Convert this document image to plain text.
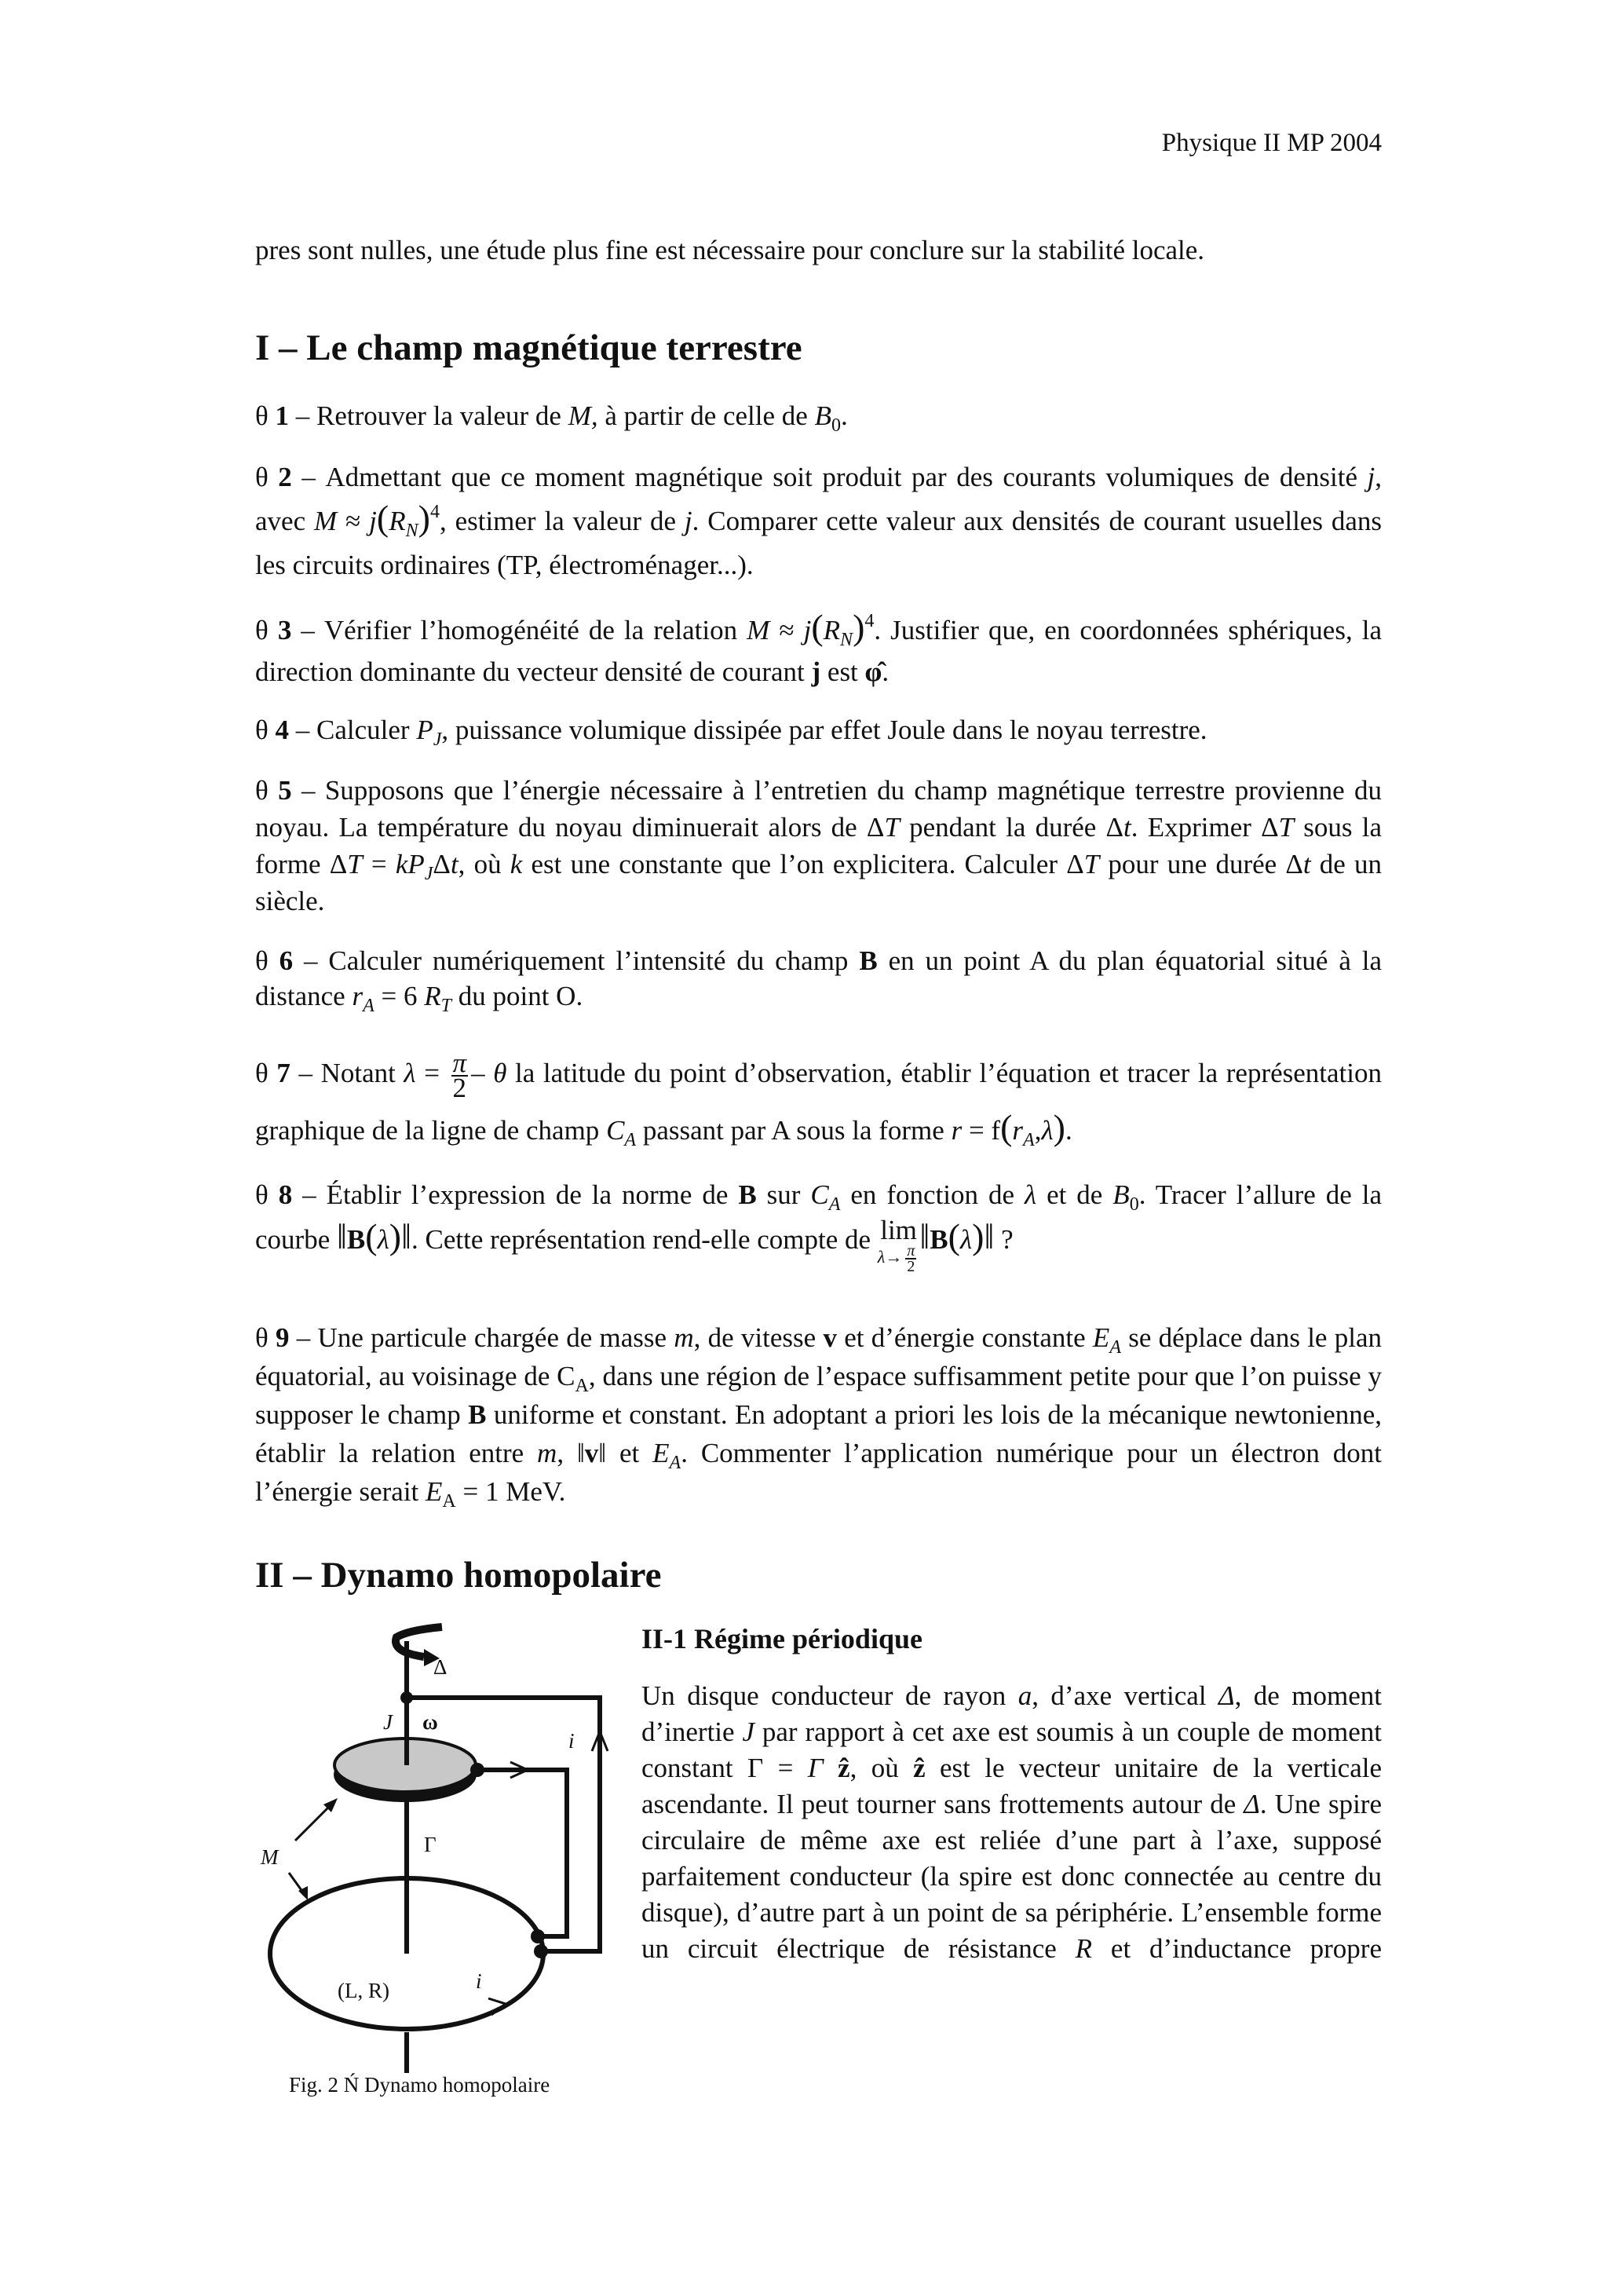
Physique II MP 2004
pres sont nulles, une étude plus fine est nécessaire pour conclure sur la stabilité locale.
I – Le champ magnétique terrestre
θ 1 – Retrouver la valeur de M, à partir de celle de $B_0$.
θ 2 – Admettant que ce moment magnétique soit produit par des courants volumiques de densité j, avec $M \approx j(R_N)^4$, estimer la valeur de j. Comparer cette valeur aux densités de courant usuelles dans les circuits ordinaires (TP, électroménager...).
θ 3 – Vérifier l’homogénéité de la relation $M \approx j(R_N)^4$. Justifier que, en coordonnées sphériques, la direction dominante du vecteur densité de courant j est φ̂.
θ 4 – Calculer $P_J$, puissance volumique dissipée par effet Joule dans le noyau terrestre.
θ 5 – Supposons que l’énergie nécessaire à l’entretien du champ magnétique terrestre provienne du noyau. La température du noyau diminuerait alors de ΔT pendant la durée Δt. Exprimer ΔT sous la forme $\Delta T = kP_J\Delta t$, où k est une constante que l’on explicitera. Calculer ΔT pour une durée Δt de un siècle.
θ 6 – Calculer numériquement l’intensité du champ B en un point A du plan équatorial situé à la distance $r_A = 6$ $R_T$ du point O.
θ 7 – Notant $\lambda = \frac{\pi}{2} - \theta$ la latitude du point d’observation, établir l’équation et tracer la représentation graphique de la ligne de champ $C_A$ passant par A sous la forme $r = f(r_A,\lambda)$.
θ 8 – Établir l’expression de la norme de B sur $C_A$ en fonction de λ et de $B_0$. Tracer l’allure de la courbe ‖B(λ)‖. Cette représentation rend-elle compte de lim
$\lambda\to \frac{\pi}{2}$
‖B(λ)‖ ?
θ 9 – Une particule chargée de masse m, de vitesse v et d’énergie constante $E_A$ se déplace dans le plan équatorial, au voisinage de $C_A$, dans une région de l’espace suffisamment petite pour que l’on puisse y supposer le champ B uniforme et constant. En adoptant a priori les lois de la mécanique newtonienne, établir la relation entre m, ‖v‖ et $E_A$. Commenter l’application numérique pour un électron dont l’énergie serait $E_A = 1$ MeV.
II – Dynamo homopolaire
II-1 Régime périodique
Un disque conducteur de rayon a, d’axe vertical Δ, de moment d’inertie J par rapport à cet axe est soumis à un couple de moment constant Γ = Γ ẑ, où ẑ est le vecteur unitaire de la verticale ascendante. Il peut tourner sans frottements autour de Δ. Une spire circulaire de même axe est reliée d’une part à l’axe, supposé parfaitement conducteur (la spire est donc connectée au centre du disque), d’autre part à un point de sa périphérie. L’ensemble forme un circuit électrique de résistance R et d’inductance propre
Δ
J ω
i
Γ
M
(L, R)	i
Fig. 2 Ń Dynamo homopolaire
